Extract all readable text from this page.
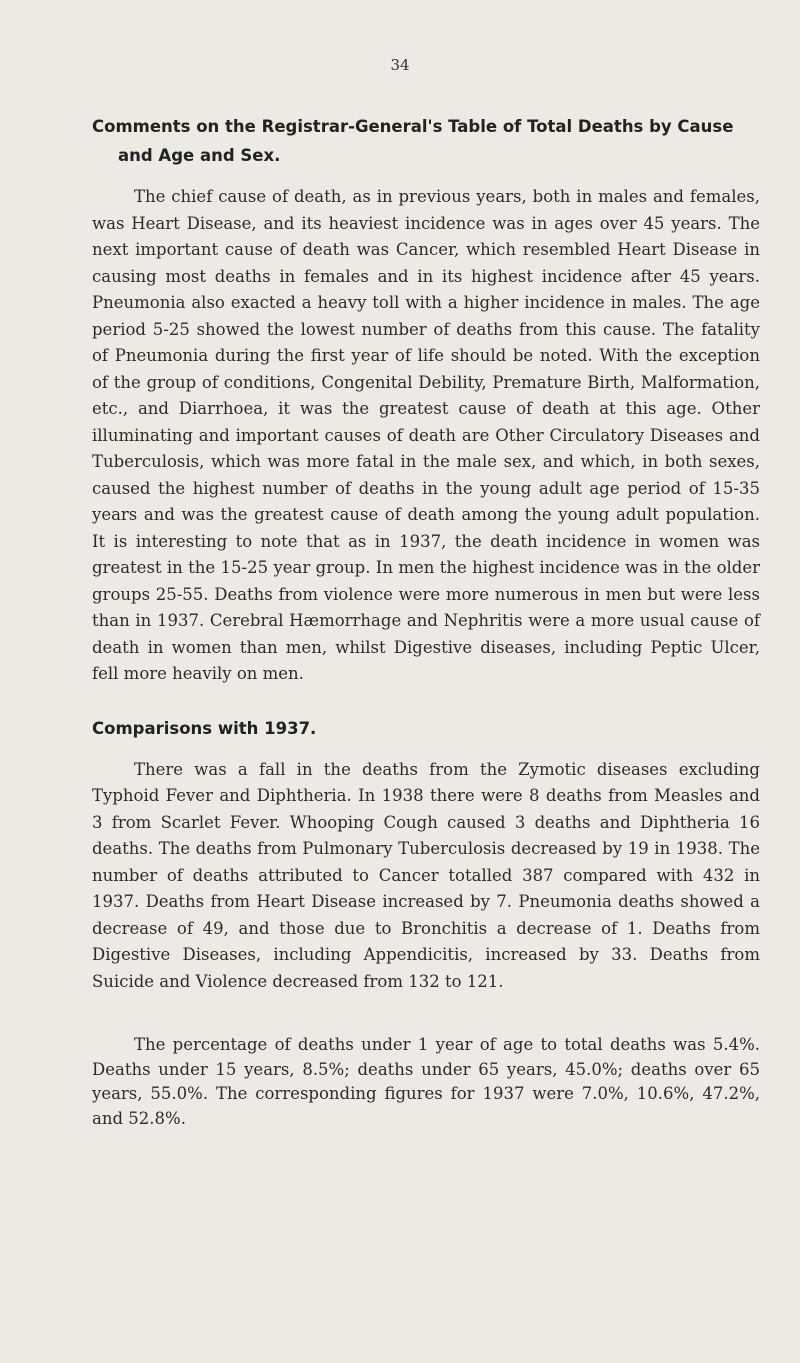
34
Comments on the Registrar-General's Table of Total Deaths by Cause and Age and Sex.

The chief cause of death, as in previous years, both in males and females, was Heart Disease, and its heaviest incidence was in ages over 45 years. The next important cause of death was Cancer, which resembled Heart Disease in causing most deaths in females and in its highest incidence after 45 years. Pneumonia also exacted a heavy toll with a higher incidence in males. The age period 5-25 showed the lowest number of deaths from this cause. The fatality of Pneumonia during the first year of life should be noted. With the exception of the group of conditions, Congenital Debility, Premature Birth, Malformation, etc., and Diarrhoea, it was the greatest cause of death at this age. Other illuminating and important causes of death are Other Circulatory Diseases and Tuberculosis, which was more fatal in the male sex, and which, in both sexes, caused the highest number of deaths in the young adult age period of 15-35 years and was the greatest cause of death among the young adult population. It is interesting to note that as in 1937, the death incidence in women was greatest in the 15-25 year group. In men the highest incidence was in the older groups 25-55. Deaths from violence were more numerous in men but were less than in 1937. Cerebral Hæmorrhage and Nephritis were a more usual cause of death in women than men, whilst Digestive diseases, including Peptic Ulcer, fell more heavily on men.

Comparisons with 1937.

There was a fall in the deaths from the Zymotic diseases excluding Typhoid Fever and Diphtheria. In 1938 there were 8 deaths from Measles and 3 from Scarlet Fever. Whooping Cough caused 3 deaths and Diphtheria 16 deaths. The deaths from Pulmonary Tuberculosis decreased by 19 in 1938. The number of deaths attributed to Cancer totalled 387 compared with 432 in 1937. Deaths from Heart Disease increased by 7. Pneumonia deaths showed a decrease of 49, and those due to Bronchitis a decrease of 1. Deaths from Digestive Diseases, including Appendicitis, increased by 33. Deaths from Suicide and Violence decreased from 132 to 121.

The percentage of deaths under 1 year of age to total deaths was 5.4%. Deaths under 15 years, 8.5%; deaths under 65 years, 45.0%; deaths over 65 years, 55.0%. The corresponding figures for 1937 were 7.0%, 10.6%, 47.2%, and 52.8%.
